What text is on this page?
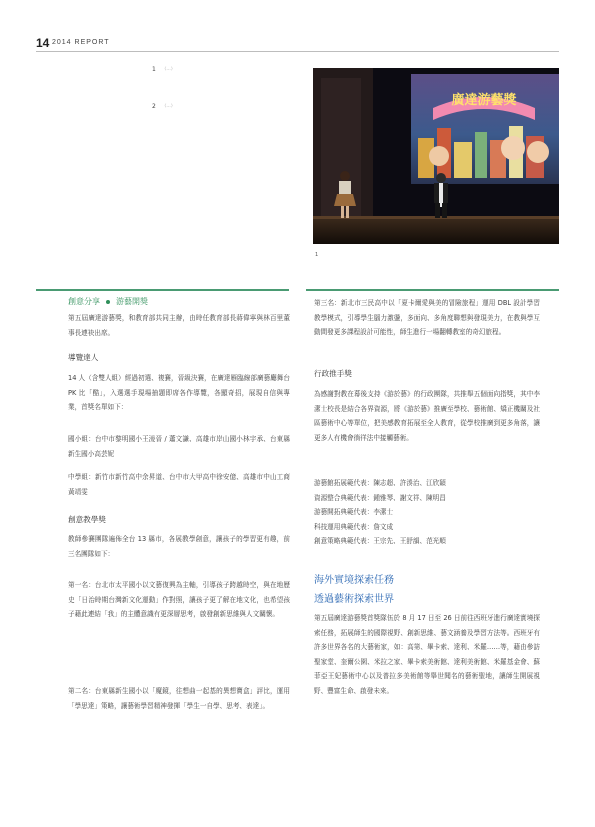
14 2014 REPORT
1 （…）
2 （…）	廣達游藝獎
1
創意分享 游藝開獎
第五屆廣達游藝獎，和教育部共同主辦，由時任教育部長蔣偉寧與林百里董事長連袂出席。
導覽達人
14 人（含雙人組）經過初選、複賽，晉級決賽，在廣達雁臨線部廣藝廳舞台 PK 比「酷」，入選選手現場抽題即席各作導覽，各顯奇招，展現自信與專業，首獎名單如下：
國小組：台中市黎明國小王湲晉 / 蕭文謙、高雄市岸山國小林宇承、台東縣新生國小高芸妮
中學組：新竹市新竹高中余昇道、台中市大甲高中徐安億、高雄市中山工商黃靖雯
創意教學獎
教師參賽團隊遍佈全台 13 縣市，各展教學創意，讓孩子的學習更有趣，前三名團隊如下：
第一名：台北市太平國小以文藝復興為主軸，引導孩子跨越時空，與在地歷史「日治時期台灣新文化運動」作對照，讓孩子更了解在地文化，也希望孩子藉此連結「我」的主體意識有更深層思考，啟發創新思維與人文關懷。
第二名：台東縣新生國小以「魔鏡，往想曲一起基的異想寶盒」評比，運用「學思達」策略，讓藝術學習精神發揮「學生一自學、思考、表達」。
第三名：新北市三民高中以「夏卡爾愛與美的冒險旅程」運用 DBL 設計學習教學模式，引導學生腦力激盪，多面向、多角度聯想與發現美力，在教與學互動間發更多課程設計可能性，師生進行一場翻轉教室的奇幻旅程。
行政推手獎
為感謝對教在幕後支持《游於藝》的行政團隊，共推舉五個面向指獎，其中李潔士校長是結合各界資源，將《游於藝》推廣至學校、藝術館、矯正機關及社區藝術中心等單位，把美感教育拓展至全人教育，從學校推廣到更多角落，讓更多人有機會徜徉法中接觸藝術。
游藝館拓展範代表：陳志超、許湊治、江欣穎
資源整合典範代表：鍾雅琴、謝文祥、陳明昌
游藝開拓典範代表：李潔士
科技運用典範代表：詹文成
創意策略典範代表：王宗先、王舒韻、范光順
海外實境探索任務
透過藝術探索世界
第五屆廣達游藝獎首獎隊伍於 8 月 17 日至 26 日前往西班牙進行廣達實境探索任務，拓展師生的國際視野、創新思維、藝文涵養及學習方法等。西班牙有許多世界各名的大藝術家，如：高第、畢卡索、達利、米羅……等，藉由參訪聖家堂、奎爾公園、米拉之家、畢卡索美術館、達利美術館、米羅基金會、蘇菲亞王妃藝術中心以及普拉多美術館等舉世聞名的藝術聖地，讓師生開展視野、豐富生命、啟發未來。
